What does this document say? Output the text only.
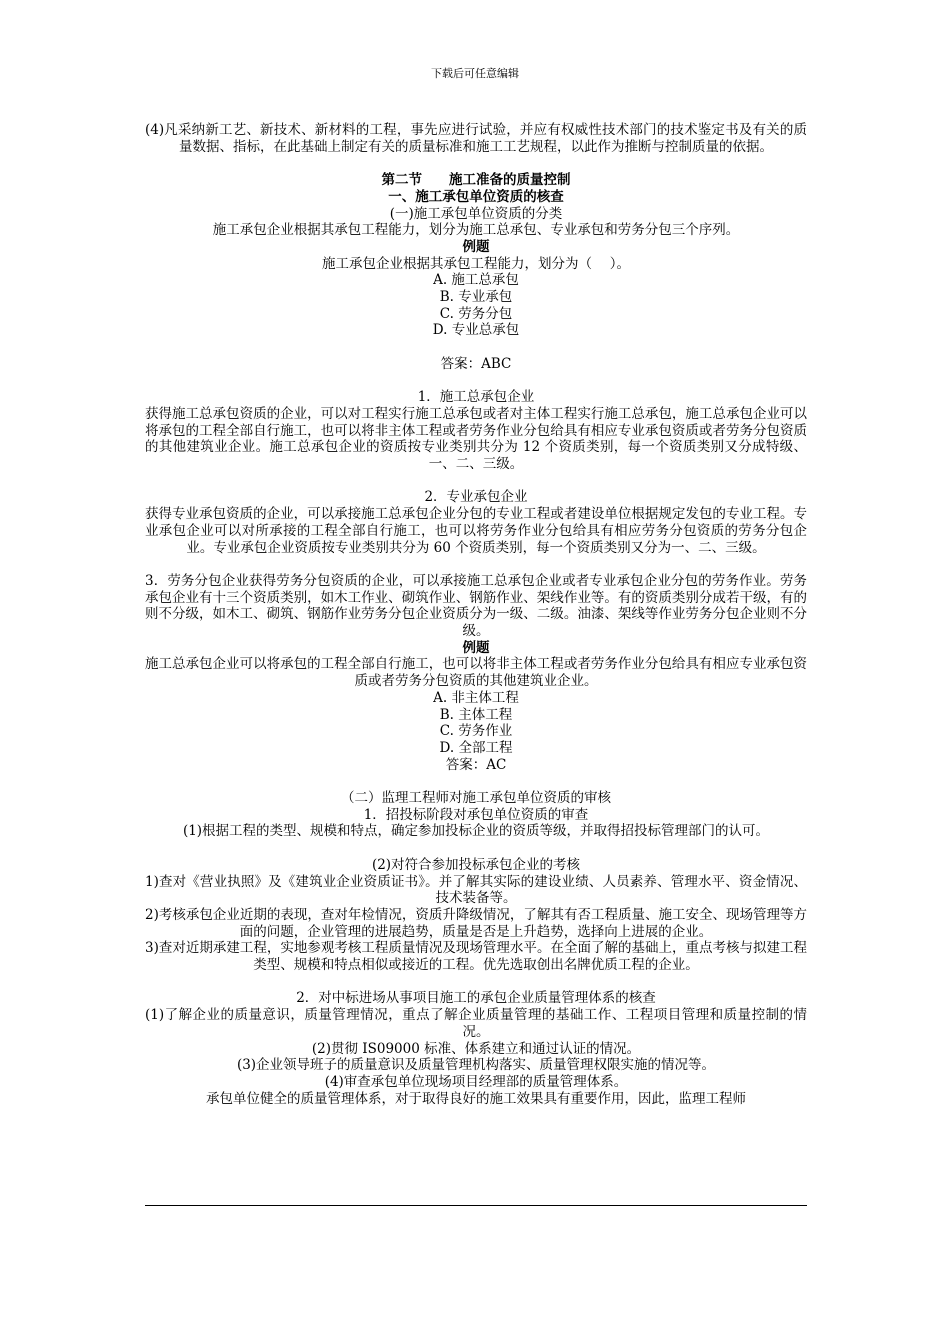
下载后可任意编辑

(4)凡采纳新工艺、新技术、新材料的工程，事先应进行试验，并应有权威性技术部门的技术鉴定书及有关的质量数据、指标，在此基础上制定有关的质量标准和施工工艺规程，以此作为推断与控制质量的依据。

第二节　　施工准备的质量控制

一、施工承包单位资质的核查

(一)施工承包单位资质的分类

施工承包企业根据其承包工程能力，划分为施工总承包、专业承包和劳务分包三个序列。

例题

施工承包企业根据其承包工程能力，划分为（　 ）。

A. 施工总承包

B. 专业承包

C. 劳务分包

D. 专业总承包

答案：ABC

1．施工总承包企业

获得施工总承包资质的企业，可以对工程实行施工总承包或者对主体工程实行施工总承包，施工总承包企业可以将承包的工程全部自行施工，也可以将非主体工程或者劳务作业分包给具有相应专业承包资质或者劳务分包资质的其他建筑业企业。施工总承包企业的资质按专业类别共分为 12 个资质类别，每一个资质类别又分成特级、一、二、三级。

2．专业承包企业

获得专业承包资质的企业，可以承接施工总承包企业分包的专业工程或者建设单位根据规定发包的专业工程。专业承包企业可以对所承接的工程全部自行施工，也可以将劳务作业分包给具有相应劳务分包资质的劳务分包企业。专业承包企业资质按专业类别共分为 60 个资质类别，每一个资质类别又分为一、二、三级。

3．劳务分包企业获得劳务分包资质的企业，可以承接施工总承包企业或者专业承包企业分包的劳务作业。劳务承包企业有十三个资质类别，如木工作业、砌筑作业、钢筋作业、架线作业等。有的资质类别分成若干级，有的则不分级，如木工、砌筑、钢筋作业劳务分包企业资质分为一级、二级。油漆、架线等作业劳务分包企业则不分级。

例题

施工总承包企业可以将承包的工程全部自行施工，也可以将非主体工程或者劳务作业分包给具有相应专业承包资质或者劳务分包资质的其他建筑业企业。

A. 非主体工程

B. 主体工程

C. 劳务作业

D. 全部工程

答案：AC

（二）监理工程师对施工承包单位资质的审核

1．招投标阶段对承包单位资质的审查

(1)根据工程的类型、规模和特点，确定参加投标企业的资质等级，并取得招投标管理部门的认可。

(2)对符合参加投标承包企业的考核

1)查对《营业执照》及《建筑业企业资质证书》。并了解其实际的建设业绩、人员素养、管理水平、资金情况、技术装备等。

2)考核承包企业近期的表现，查对年检情况，资质升降级情况，了解其有否工程质量、施工安全、现场管理等方面的问题，企业管理的进展趋势，质量是否是上升趋势，选择向上进展的企业。

3)查对近期承建工程，实地参观考核工程质量情况及现场管理水平。在全面了解的基础上，重点考核与拟建工程类型、规模和特点相似或接近的工程。优先选取创出名牌优质工程的企业。

2．对中标进场从事项目施工的承包企业质量管理体系的核查

(1)了解企业的质量意识，质量管理情况，重点了解企业质量管理的基础工作、工程项目管理和质量控制的情况。

(2)贯彻 IS09000 标准、体系建立和通过认证的情况。

(3)企业领导班子的质量意识及质量管理机构落实、质量管理权限实施的情况等。

(4)审查承包单位现场项目经理部的质量管理体系。

承包单位健全的质量管理体系，对于取得良好的施工效果具有重要作用，因此，监理工程师
